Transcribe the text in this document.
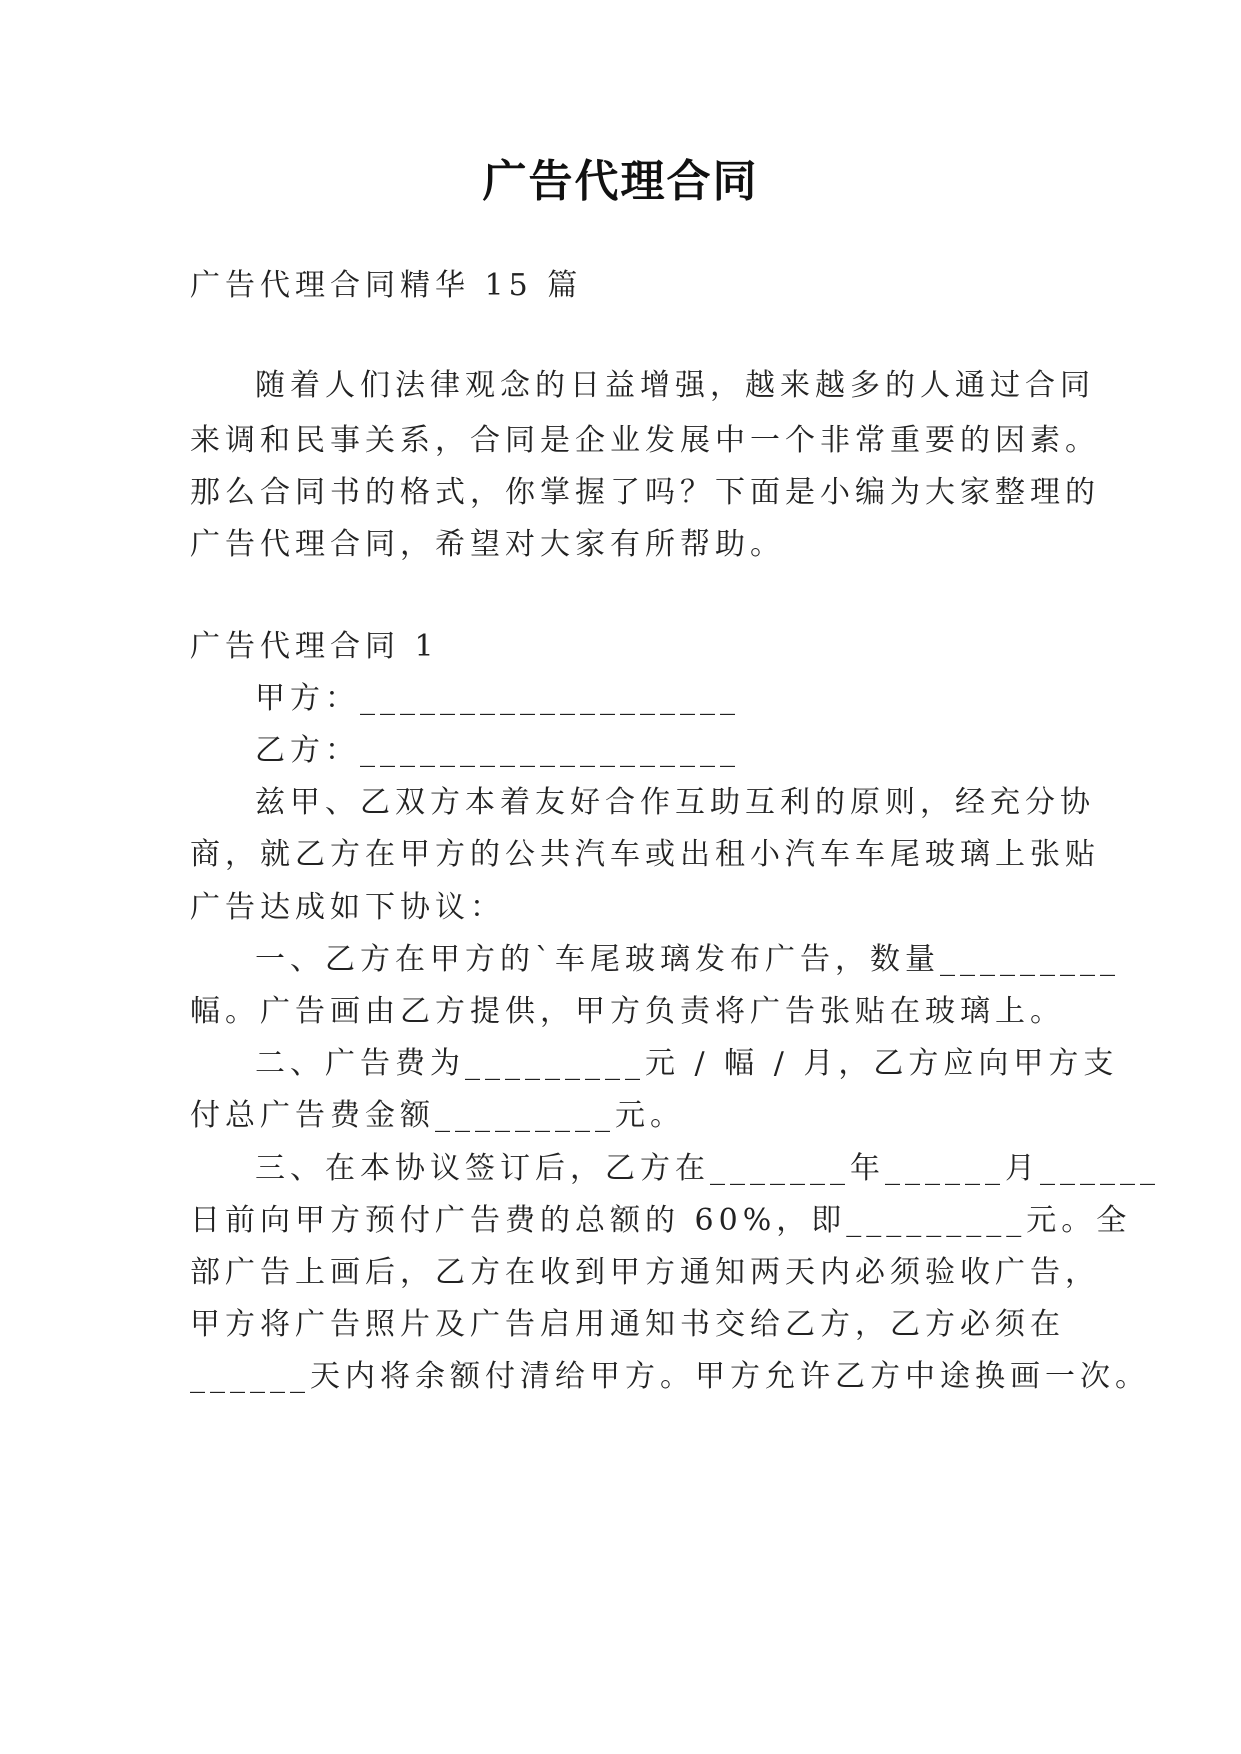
广告代理合同
广告代理合同精华 15 篇
随着人们法律观念的日益增强，越来越多的人通过合同
来调和民事关系，合同是企业发展中一个非常重要的因素。
那么合同书的格式，你掌握了吗？下面是小编为大家整理的
广告代理合同，希望对大家有所帮助。
广告代理合同 1
甲方：___________________
乙方：___________________
兹甲、乙双方本着友好合作互助互利的原则，经充分协
商，就乙方在甲方的公共汽车或出租小汽车车尾玻璃上张贴
广告达成如下协议：
一、乙方在甲方的`车尾玻璃发布广告，数量_________
幅。广告画由乙方提供，甲方负责将广告张贴在玻璃上。
二、广告费为_________元 / 幅 / 月，乙方应向甲方支
付总广告费金额_________元。
三、在本协议签订后，乙方在_______年______月______
日前向甲方预付广告费的总额的 60%，即_________元。全
部广告上画后，乙方在收到甲方通知两天内必须验收广告，
甲方将广告照片及广告启用通知书交给乙方，乙方必须在
______天内将余额付清给甲方。甲方允许乙方中途换画一次。
